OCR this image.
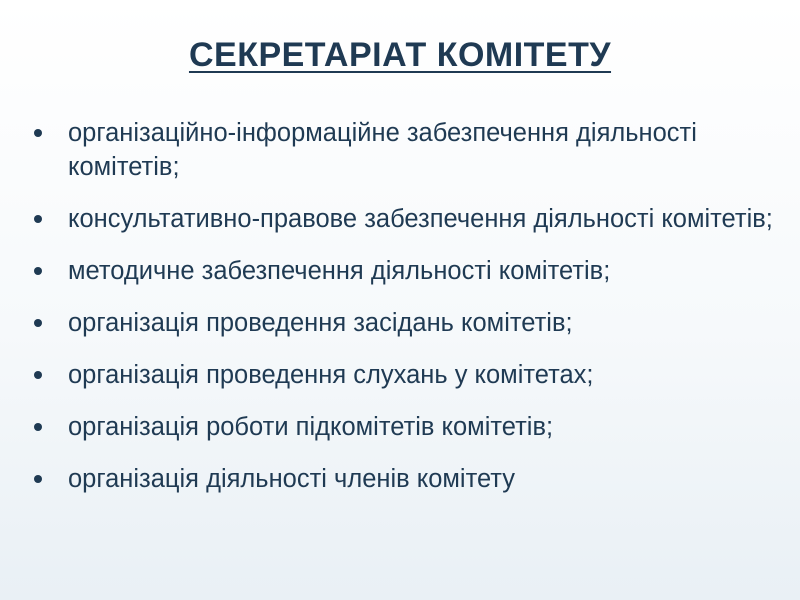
СЕКРЕТАРІАТ КОМІТЕТУ
організаційно-інформаційне забезпечення діяльності комітетів;
консультативно-правове забезпечення діяльності комітетів;
методичне забезпечення діяльності комітетів;
організація проведення засідань комітетів;
організація проведення слухань у комітетах;
організація роботи підкомітетів комітетів;
організація діяльності членів комітету
